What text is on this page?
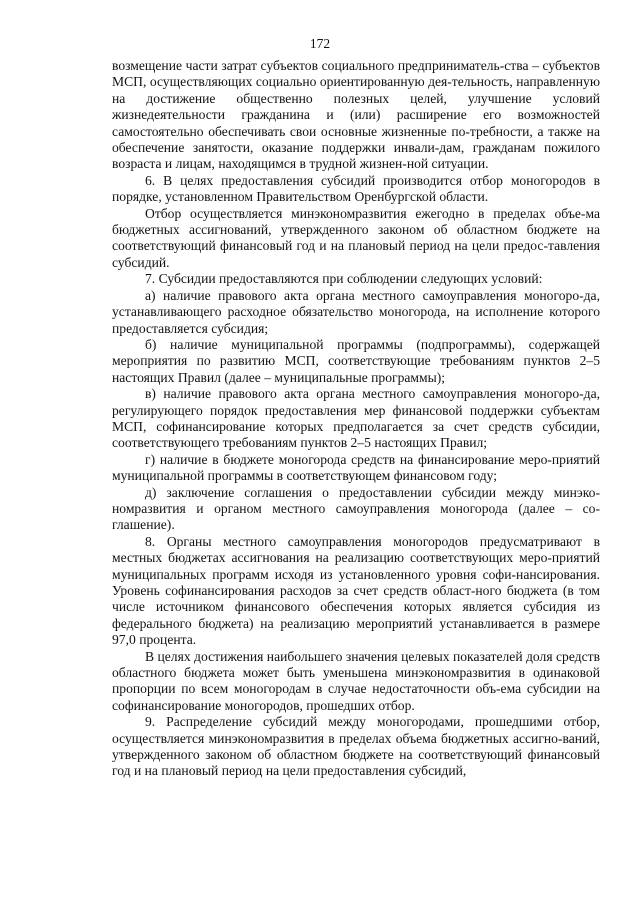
172

возмещение части затрат субъектов социального предприниматель-ства – субъектов МСП, осуществляющих социально ориентированную дея-тельность, направленную на достижение общественно полезных целей, улучшение условий жизнедеятельности гражданина и (или) расширение его возможностей самостоятельно обеспечивать свои основные жизненные по-требности, а также на обеспечение занятости, оказание поддержки инвали-дам, гражданам пожилого возраста и лицам, находящимся в трудной жизнен-ной ситуации.

6. В целях предоставления субсидий производится отбор моногородов в порядке, установленном Правительством Оренбургской области.

Отбор осуществляется минэкономразвития ежегодно в пределах объе-ма бюджетных ассигнований, утвержденного законом об областном бюджете на соответствующий финансовый год и на плановый период на цели предос-тавления субсидий.

7. Субсидии предоставляются при соблюдении следующих условий:

а) наличие правового акта органа местного самоуправления моногоро-да, устанавливающего расходное обязательство моногорода, на исполнение которого предоставляется субсидия;

б) наличие муниципальной программы (подпрограммы), содержащей мероприятия по развитию МСП, соответствующие требованиям пунктов 2–5 настоящих Правил (далее – муниципальные программы);

в) наличие правового акта органа местного самоуправления моногоро-да, регулирующего порядок предоставления мер финансовой поддержки субъектам МСП, софинансирование которых предполагается за счет средств субсидии, соответствующего требованиям пунктов 2–5 настоящих Правил;

г) наличие в бюджете моногорода средств на финансирование меро-приятий муниципальной программы в соответствующем финансовом году;

д) заключение соглашения о предоставлении субсидии между минэко-номразвития и органом местного самоуправления моногорода (далее – со-глашение).

8. Органы местного самоуправления моногородов предусматривают в местных бюджетах ассигнования на реализацию соответствующих меро-приятий муниципальных программ исходя из установленного уровня софи-нансирования. Уровень софинансирования расходов за счет средств област-ного бюджета (в том числе источником финансового обеспечения которых является субсидия из федерального бюджета) на реализацию мероприятий устанавливается в размере 97,0 процента.

В целях достижения наибольшего значения целевых показателей доля средств областного бюджета может быть уменьшена минэкономразвития в одинаковой пропорции по всем моногородам в случае недостаточности объ-ема субсидии на софинансирование моногородов, прошедших отбор.

9. Распределение субсидий между моногородами, прошедшими отбор, осуществляется минэкономразвития в пределах объема бюджетных ассигно-ваний, утвержденного законом об областном бюджете на соответствующий финансовый год и на плановый период на цели предоставления субсидий,
